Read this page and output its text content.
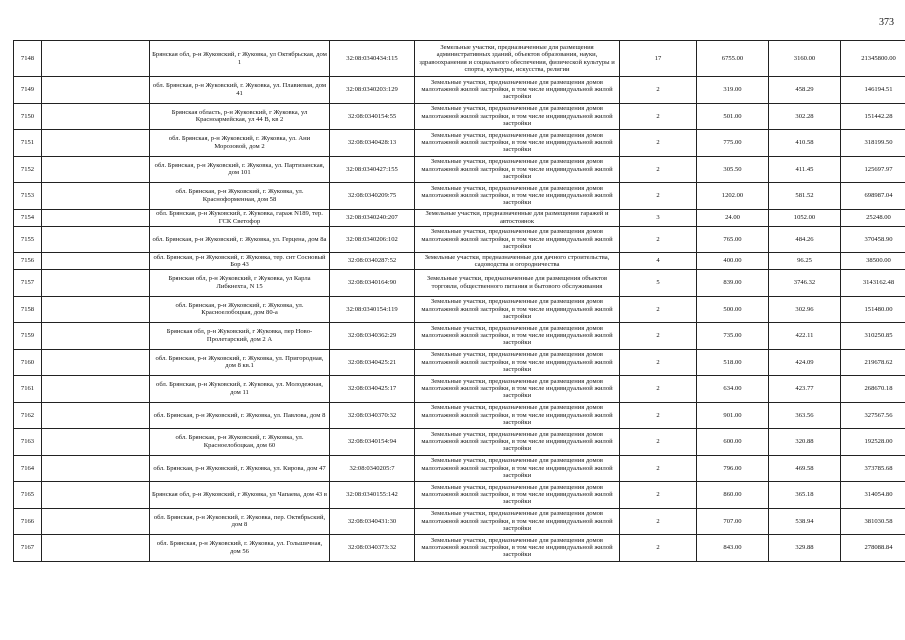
373
7148		Брянская обл, р-н Жуковский, г Жуковка, ул Октябрьская, дом 1	32:08:0340434:115	Земельные участки, предназначенные для размещения административных зданий, объектов образования, науки, здравоохранения и социального обеспечения, физической культуры и спорта, культуры, искусства, религии	17	6755.00	3160.00	21345800.00
7149		обл. Брянская, р-н Жуковский, г. Жуковка, ул. Плавиевая, дом 41	32:08:0340203:129	Земельные участки, предназначенные для размещения домов малоэтажной жилой застройки, в том числе индивидуальной жилой застройки	2	319.00	458.29	146194.51
7150		Брянская область, р-н Жуковский, г Жуковка, ул Красноармейская, ул 44 В, кв 2	32:08:0340154:55	Земельные участки, предназначенные для размещения домов малоэтажной жилой застройки, в том числе индивидуальной жилой застройки	2	501.00	302.28	151442.28
7151		обл. Брянская, р-н Жуковский, г. Жуковка, ул. Ани Морозовой, дом 2	32:08:0340428:13	Земельные участки, предназначенные для размещения домов малоэтажной жилой застройки, в том числе индивидуальной жилой застройки	2	775.00	410.58	318199.50
7152		обл. Брянская, р-н Жуковский, г. Жуковка, ул. Партизанская, дом 101	32:08:0340427:155	Земельные участки, предназначенные для размещения домов малоэтажной жилой застройки, в том числе индивидуальной жилой застройки	2	305.50	411.45	125697.97
7153		обл. Брянская, р-н Жуковский, г. Жуковка, ул. Красноформенная, дом 58	32:08:0340209:75	Земельные участки, предназначенные для размещения домов малоэтажной жилой застройки, в том числе индивидуальной жилой застройки	2	1202.00	581.52	698987.04
7154		обл. Брянская, р-н Жуковский, г. Жуковка, гараж N189, тер. ГСК Светофор	32:08:0340240:207	Земельные участки, предназначенные для размещения гаражей и автостоянок	3	24.00	1052.00	25248.00
7155		обл. Брянская, р-н Жуковский, г. Жуковка, ул. Герцена, дом 8а	32:08:0340206:102	Земельные участки, предназначенные для размещения домов малоэтажной жилой застройки, в том числе индивидуальной жилой застройки	2	765.00	484.26	370458.90
7156		обл. Брянская, р-н Жуковский, г. Жуковка, тер. снт Сосновый Бор 43	32:08:0340287:52	Земельные участки, предназначенные для дачного строительства, садоводства и огородничества	4	400.00	96.25	38500.00
7157		Брянская обл, р-н Жуковский, г Жуковка, ул Карла Либкнехта, N 15	32:08:0340164:90	Земельные участки, предназначенные для размещения объектов торговли, общественного питания и бытового обслуживания	5	839.00	3746.32	3143162.48
7158		обл. Брянская, р-н Жуковский, г. Жуковка, ул. Красноелобоцкая, дом 80-а	32:08:0340154:119	Земельные участки, предназначенные для размещения домов малоэтажной жилой застройки, в том числе индивидуальной жилой застройки	2	500.00	302.96	151480.00
7159		Брянская обл, р-н Жуковский, г Жуковка, пер Ново-Пролетарский, дом 2 А	32:08:0340362:29	Земельные участки, предназначенные для размещения домов малоэтажной жилой застройки, в том числе индивидуальной жилой застройки	2	735.00	422.11	310250.85
7160		обл. Брянская, р-н Жуковский, г. Жуковка, ул. Пригородная, дом 8 кв.1	32:08:0340425:21	Земельные участки, предназначенные для размещения домов малоэтажной жилой застройки, в том числе индивидуальной жилой застройки	2	518.00	424.09	219678.62
7161		обл. Брянская, р-н Жуковский, г. Жуковка, ул. Молодежная, дом 11	32:08:0340425:17	Земельные участки, предназначенные для размещения домов малоэтажной жилой застройки, в том числе индивидуальной жилой застройки	2	634.00	423.77	268670.18
7162		обл. Брянская, р-н Жуковский, г. Жуковка, ул. Павлова, дом 8	32:08:0340370:32	Земельные участки, предназначенные для размещения домов малоэтажной жилой застройки, в том числе индивидуальной жилой застройки	2	901.00	363.56	327567.56
7163		обл. Брянская, р-н Жуковский, г. Жуковка, ул. Красноелобоцкая, дом 60	32:08:0340154:94	Земельные участки, предназначенные для размещения домов малоэтажной жилой застройки, в том числе индивидуальной жилой застройки	2	600.00	320.88	192528.00
7164		обл. Брянская, р-н Жуковский, г. Жуковка, ул. Кирова, дом 47	32:08:0340205:7	Земельные участки, предназначенные для размещения домов малоэтажной жилой застройки, в том числе индивидуальной жилой застройки	2	796.00	469.58	373785.68
7165		Брянская обл, р-н Жуковский, г Жуковка, ул Чапаева, дом 43 в	32:08:0340155:142	Земельные участки, предназначенные для размещения домов малоэтажной жилой застройки, в том числе индивидуальной жилой застройки	2	860.00	365.18	314054.80
7166		обл. Брянская, р-н Жуковский, г. Жуковка, пер. Октябрьский, дом 8	32:08:0340431:30	Земельные участки, предназначенные для размещения домов малоэтажной жилой застройки, в том числе индивидуальной жилой застройки	2	707.00	538.94	381030.58
7167		обл. Брянская, р-н Жуковский, г. Жуковка, ул. Гольшичная, дом 56	32:08:0340373:32	Земельные участки, предназначенные для размещения домов малоэтажной жилой застройки, в том числе индивидуальной жилой застройки	2	843.00	329.88	278088.84
